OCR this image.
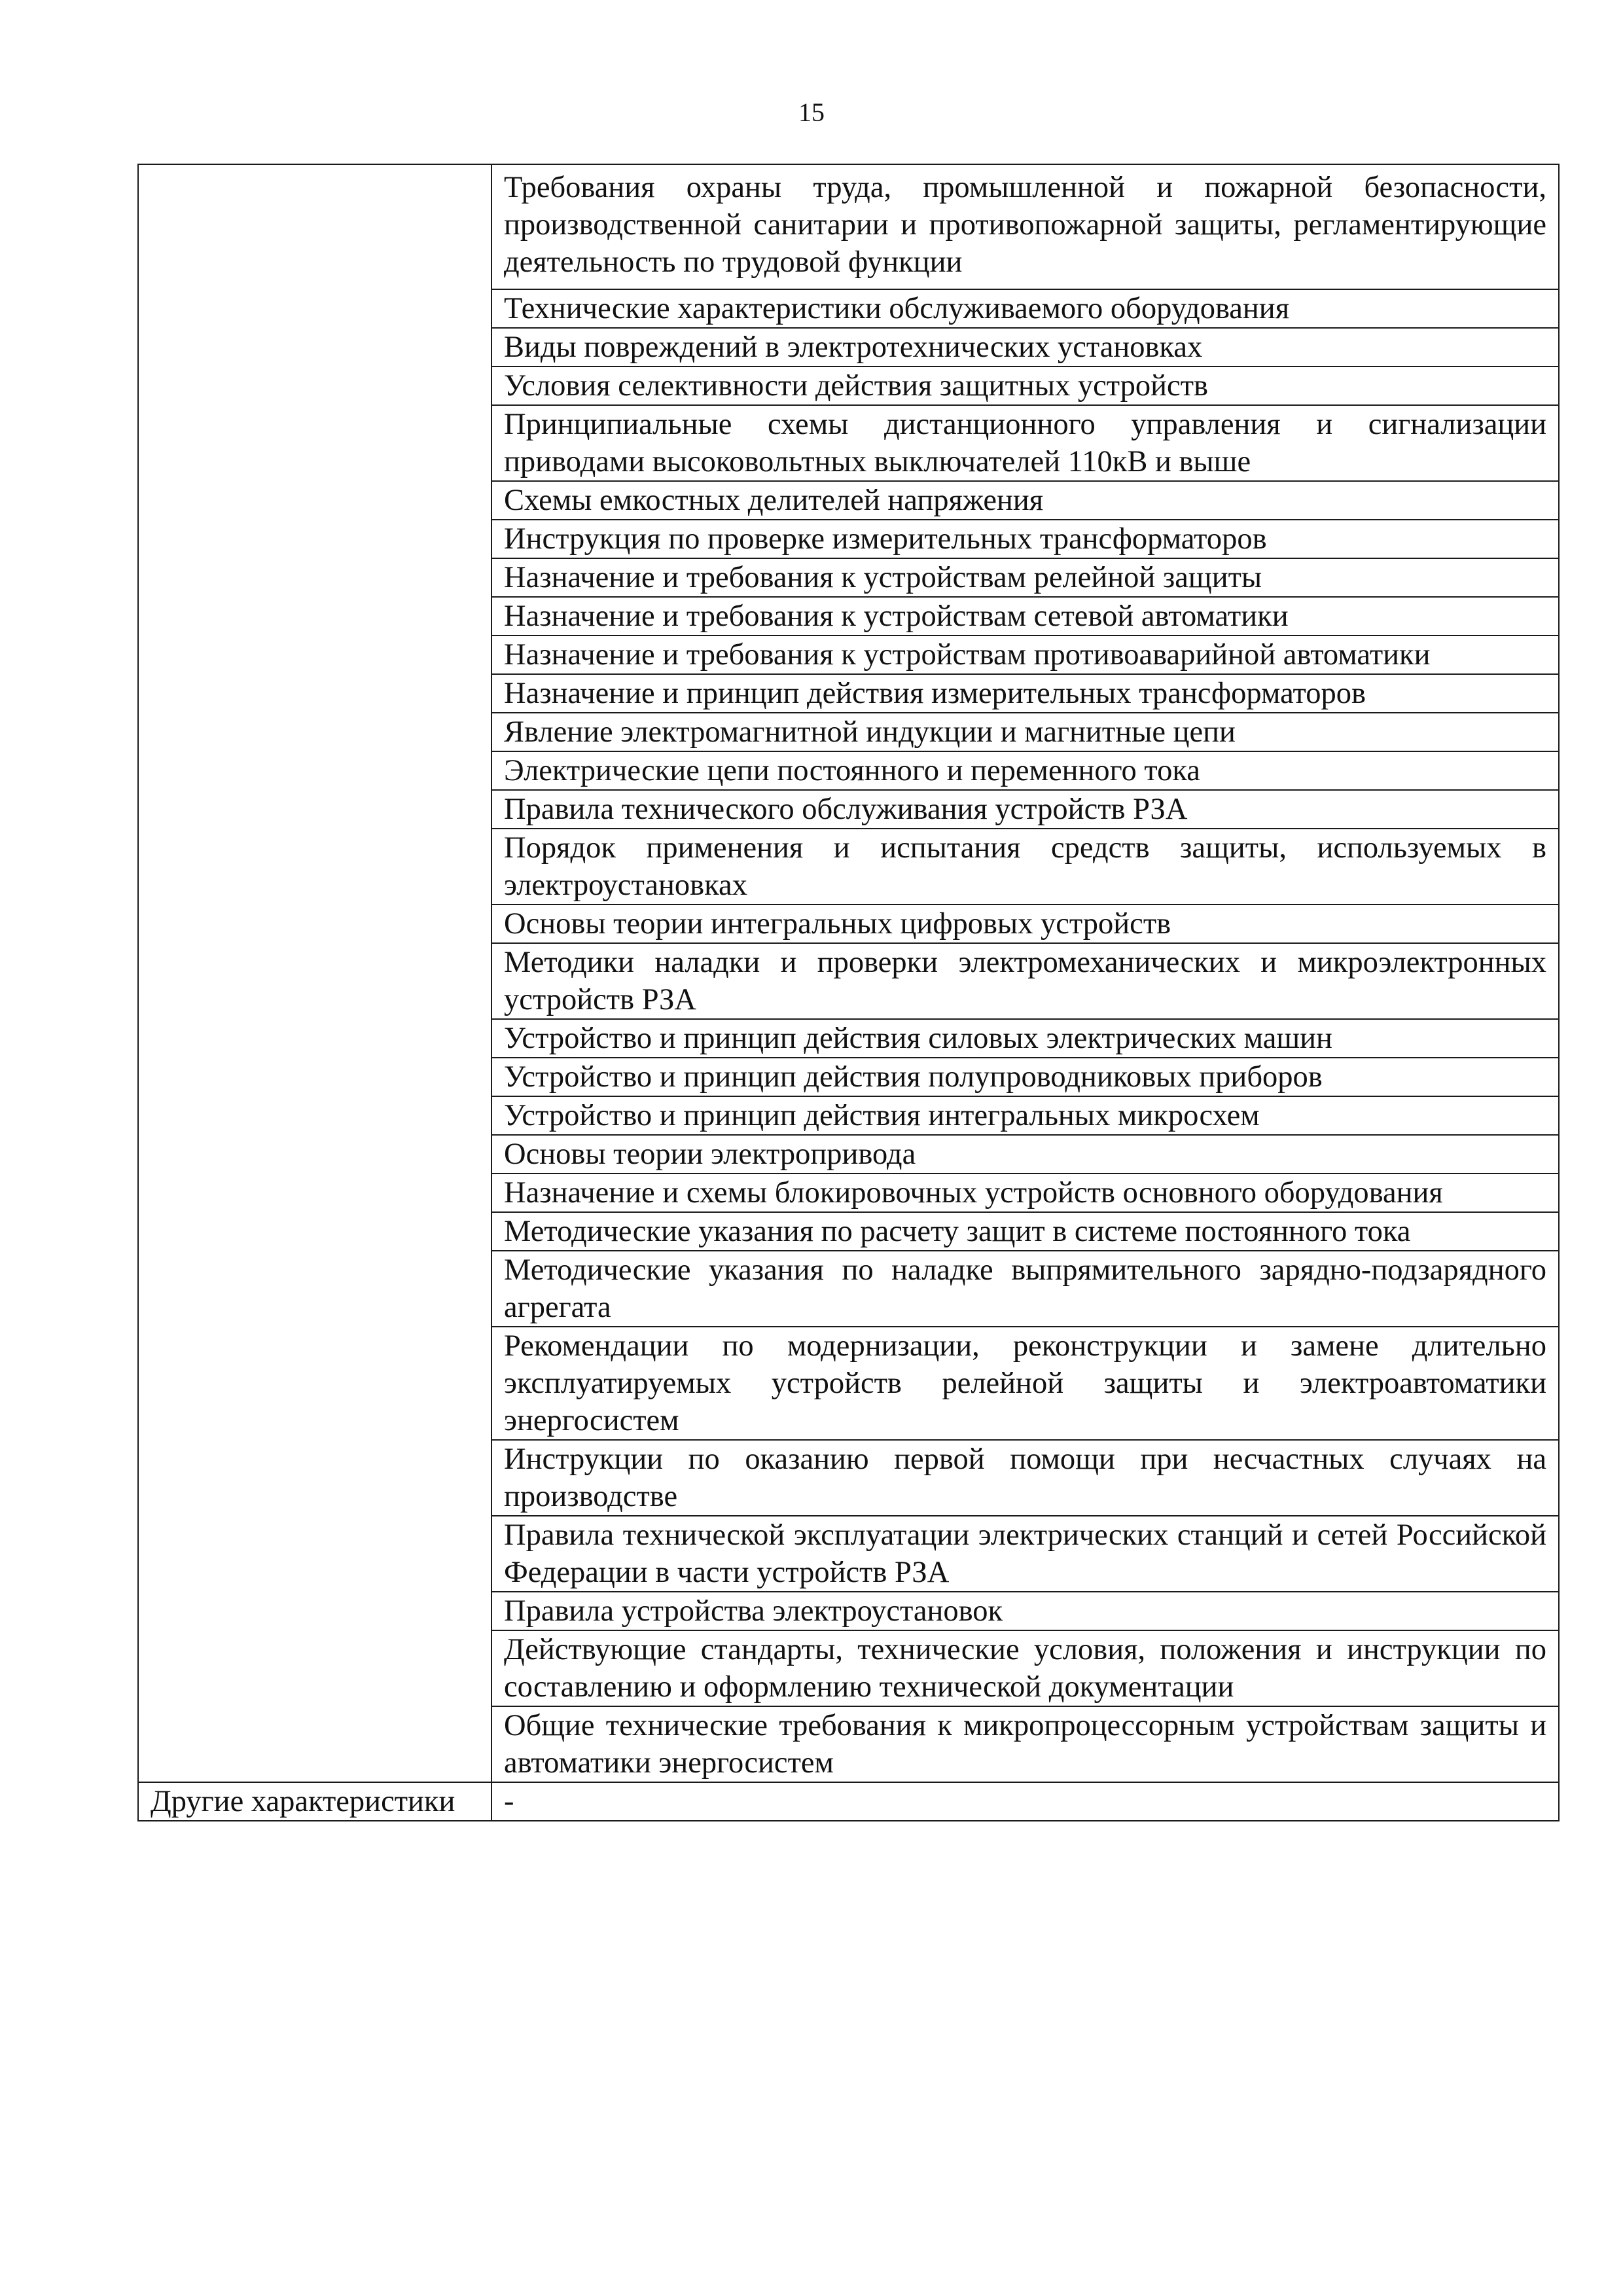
15

	Требования охраны труда, промышленной и пожарной безопасности, производственной санитарии и противопожарной защиты, регламентирующие деятельность по трудовой функции

	Технические характеристики обслуживаемого оборудования

	Виды повреждений в электротехнических установках

	Условия селективности действия защитных устройств

	Принципиальные схемы дистанционного управления и сигнализации приводами высоковольтных выключателей 110кВ и выше

	Схемы емкостных делителей напряжения

	Инструкция по проверке измерительных трансформаторов

	Назначение и требования к устройствам релейной защиты

	Назначение и требования к устройствам сетевой автоматики

	Назначение и требования к устройствам противоаварийной автоматики

	Назначение и принцип действия измерительных трансформаторов

	Явление электромагнитной индукции и магнитные цепи

	Электрические цепи постоянного и переменного тока

	Правила технического обслуживания устройств РЗА

	Порядок применения и испытания средств защиты, используемых в электроустановках

	Основы теории интегральных цифровых устройств

	Методики наладки и проверки электромеханических и микроэлектронных устройств РЗА

	Устройство и принцип действия силовых электрических машин

	Устройство и принцип действия полупроводниковых приборов

	Устройство и принцип действия интегральных микросхем

	Основы теории электропривода

	Назначение и схемы блокировочных устройств основного оборудования

	Методические указания по расчету защит в системе постоянного тока

	Методические указания по наладке выпрямительного зарядно-подзарядного агрегата

	Рекомендации по модернизации, реконструкции и замене длительно эксплуатируемых устройств релейной защиты и электроавтоматики энергосистем

	Инструкции по оказанию первой помощи при несчастных случаях на производстве

	Правила технической эксплуатации электрических станций и сетей Российской Федерации в части устройств РЗА

	Правила устройства электроустановок

	Действующие стандарты, технические условия, положения и инструкции по составлению и оформлению технической документации

	Общие технические требования к микропроцессорным устройствам защиты и автоматики энергосистем

Другие характеристики	-
